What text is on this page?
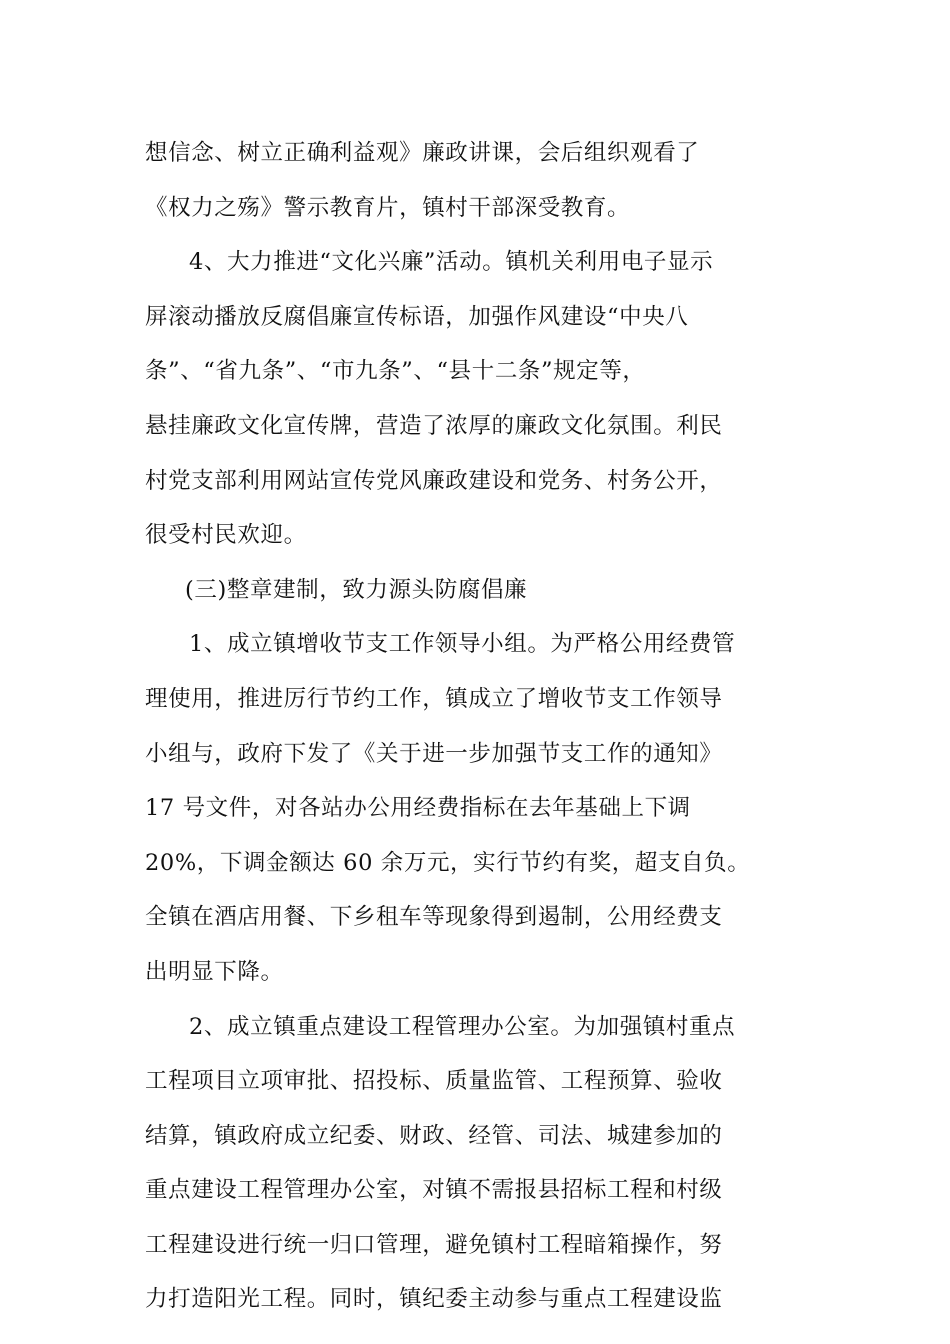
想信念、树立正确利益观》廉政讲课，会后组织观看了
《权力之殇》警示教育片，镇村干部深受教育。
4、大力推进“文化兴廉”活动。镇机关利用电子显示
屏滚动播放反腐倡廉宣传标语，加强作风建设“中央八
条”、“省九条”、“市九条”、“县十二条”规定等，
悬挂廉政文化宣传牌，营造了浓厚的廉政文化氛围。利民
村党支部利用网站宣传党风廉政建设和党务、村务公开，
很受村民欢迎。
(三)整章建制，致力源头防腐倡廉
1、成立镇增收节支工作领导小组。为严格公用经费管
理使用，推进厉行节约工作，镇成立了增收节支工作领导
小组与，政府下发了《关于进一步加强节支工作的通知》
17 号文件，对各站办公用经费指标在去年基础上下调
20%，下调金额达 60 余万元，实行节约有奖，超支自负。
全镇在酒店用餐、下乡租车等现象得到遏制，公用经费支
出明显下降。
2、成立镇重点建设工程管理办公室。为加强镇村重点
工程项目立项审批、招投标、质量监管、工程预算、验收
结算，镇政府成立纪委、财政、经管、司法、城建参加的
重点建设工程管理办公室，对镇不需报县招标工程和村级
工程建设进行统一归口管理，避免镇村工程暗箱操作，努
力打造阳光工程。同时，镇纪委主动参与重点工程建设监
